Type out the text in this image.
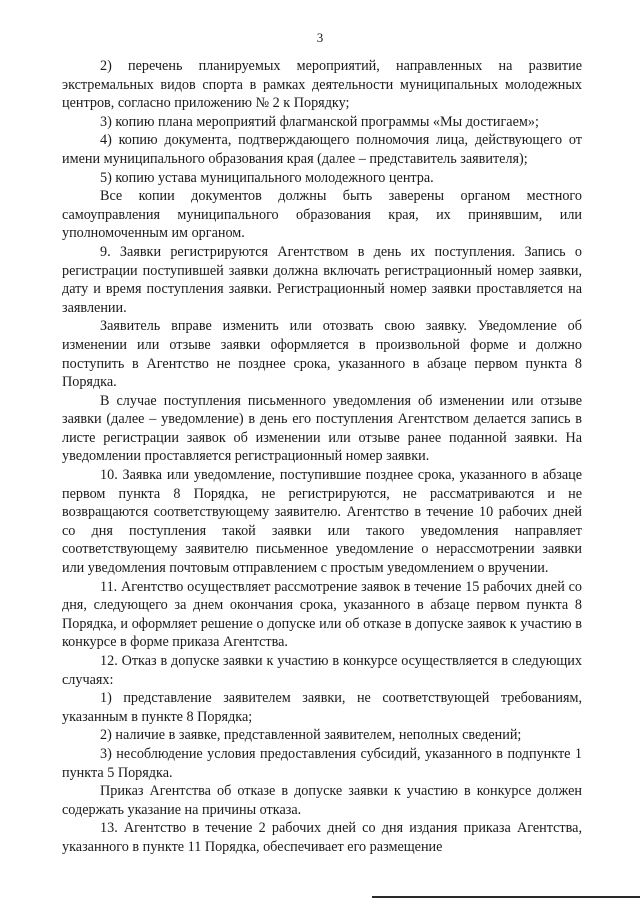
3

2) перечень планируемых мероприятий, направленных на развитие экстремальных видов спорта в рамках деятельности муниципальных молодежных центров, согласно приложению № 2 к Порядку;

3) копию плана мероприятий флагманской программы «Мы достигаем»;

4) копию документа, подтверждающего полномочия лица, действующего от имени муниципального образования края (далее – представитель заявителя);

5) копию устава муниципального молодежного центра.

Все копии документов должны быть заверены органом местного самоуправления муниципального образования края, их принявшим, или уполномоченным им органом.

9. Заявки регистрируются Агентством в день их поступления. Запись о регистрации поступившей заявки должна включать регистрационный номер заявки, дату и время поступления заявки. Регистрационный номер заявки проставляется на заявлении.

Заявитель вправе изменить или отозвать свою заявку. Уведомление об изменении или отзыве заявки оформляется в произвольной форме и должно поступить в Агентство не позднее срока, указанного в абзаце первом пункта 8 Порядка.

В случае поступления письменного уведомления об изменении или отзыве заявки (далее – уведомление) в день его поступления Агентством делается запись в листе регистрации заявок об изменении или отзыве ранее поданной заявки. На уведомлении проставляется регистрационный номер заявки.

10. Заявка или уведомление, поступившие позднее срока, указанного в абзаце первом пункта 8 Порядка, не регистрируются, не рассматриваются и не возвращаются соответствующему заявителю. Агентство в течение 10 рабочих дней со дня поступления такой заявки или такого уведомления направляет соответствующему заявителю письменное уведомление о нерассмотрении заявки или уведомления почтовым отправлением с простым уведомлением о вручении.

11. Агентство осуществляет рассмотрение заявок в течение 15 рабочих дней со дня, следующего за днем окончания срока, указанного в абзаце первом пункта 8 Порядка, и оформляет решение о допуске или об отказе в допуске заявок к участию в конкурсе в форме приказа Агентства.

12. Отказ в допуске заявки к участию в конкурсе осуществляется в следующих случаях:

1) представление заявителем заявки, не соответствующей требованиям, указанным в пункте 8 Порядка;

2) наличие в заявке, представленной заявителем, неполных сведений;

3) несоблюдение условия предоставления субсидий, указанного в подпункте 1 пункта 5 Порядка.

Приказ Агентства об отказе в допуске заявки к участию в конкурсе должен содержать указание на причины отказа.

13. Агентство в течение 2 рабочих дней со дня издания приказа Агентства, указанного в пункте 11 Порядка, обеспечивает его размещение
